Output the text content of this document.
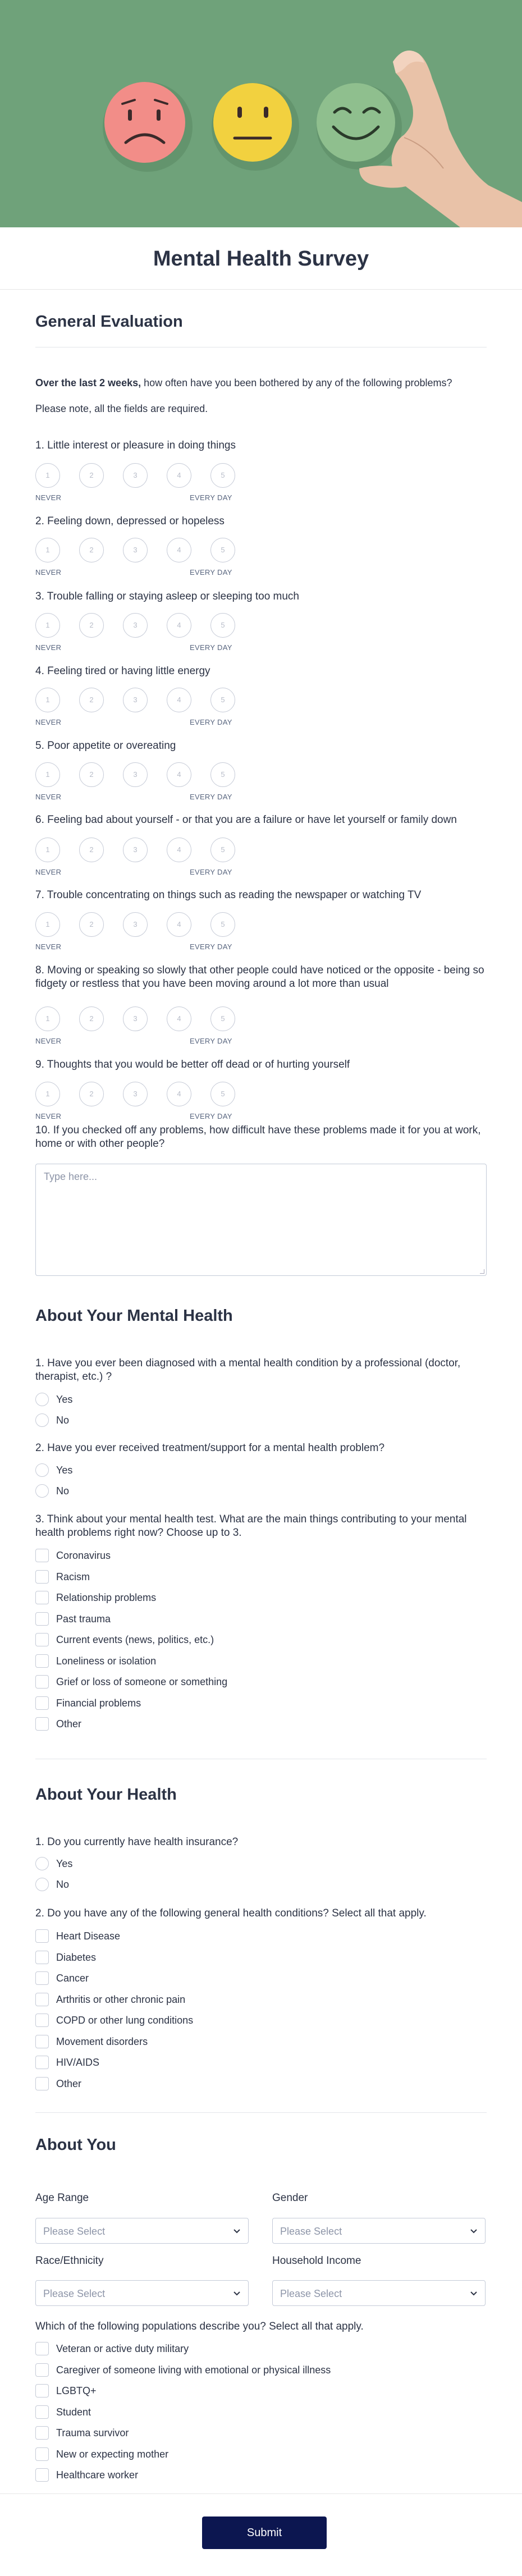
Mental Health Survey
General Evaluation
Over the last 2 weeks, how often have you been bothered by any of the following problems?
Please note, all the fields are required.
1. Little interest or pleasure in doing things
1	2	3	4	5
NEVER	EVERY DAY
2. Feeling down, depressed or hopeless
1	2	3	4	5
NEVER	EVERY DAY
3. Trouble falling or staying asleep or sleeping too much
1	2	3	4	5
NEVER	EVERY DAY
4. Feeling tired or having little energy
1	2	3	4	5
NEVER	EVERY DAY
5. Poor appetite or overeating
1	2	3	4	5
NEVER	EVERY DAY
6. Feeling bad about yourself - or that you are a failure or have let yourself or family down
1	2	3	4	5
NEVER	EVERY DAY
7. Trouble concentrating on things such as reading the newspaper or watching TV
1	2	3	4	5
NEVER	EVERY DAY
8. Moving or speaking so slowly that other people could have noticed or the opposite - being so fidgety or restless that you have been moving around a lot more than usual
1	2	3	4	5
NEVER	EVERY DAY
9. Thoughts that you would be better off dead or of hurting yourself
1	2	3	4	5
NEVER	EVERY DAY
10. If you checked off any problems, how difficult have these problems made it for you at work, home or with other people?
Type here...
About Your Mental Health
1. Have you ever been diagnosed with a mental health condition by a professional (doctor, therapist, etc.) ?
Yes
No
2. Have you ever received treatment/support for a mental health problem?
Yes
No
3. Think about your mental health test. What are the main things contributing to your mental health problems right now? Choose up to 3.
Coronavirus
Racism
Relationship problems
Past trauma
Current events (news, politics, etc.)
Loneliness or isolation
Grief or loss of someone or something
Financial problems
Other
About Your Health
1. Do you currently have health insurance?
Yes
No
2. Do you have any of the following general health conditions? Select all that apply.
Heart Disease
Diabetes
Cancer
Arthritis or other chronic pain
COPD or other lung conditions
Movement disorders
HIV/AIDS
Other
About You
Age Range	Gender
Please Select	Please Select
Race/Ethnicity	Household Income
Please Select	Please Select
Which of the following populations describe you? Select all that apply.
Veteran or active duty military
Caregiver of someone living with emotional or physical illness
LGBTQ+
Student
Trauma survivor
New or expecting mother
Healthcare worker
Submit
